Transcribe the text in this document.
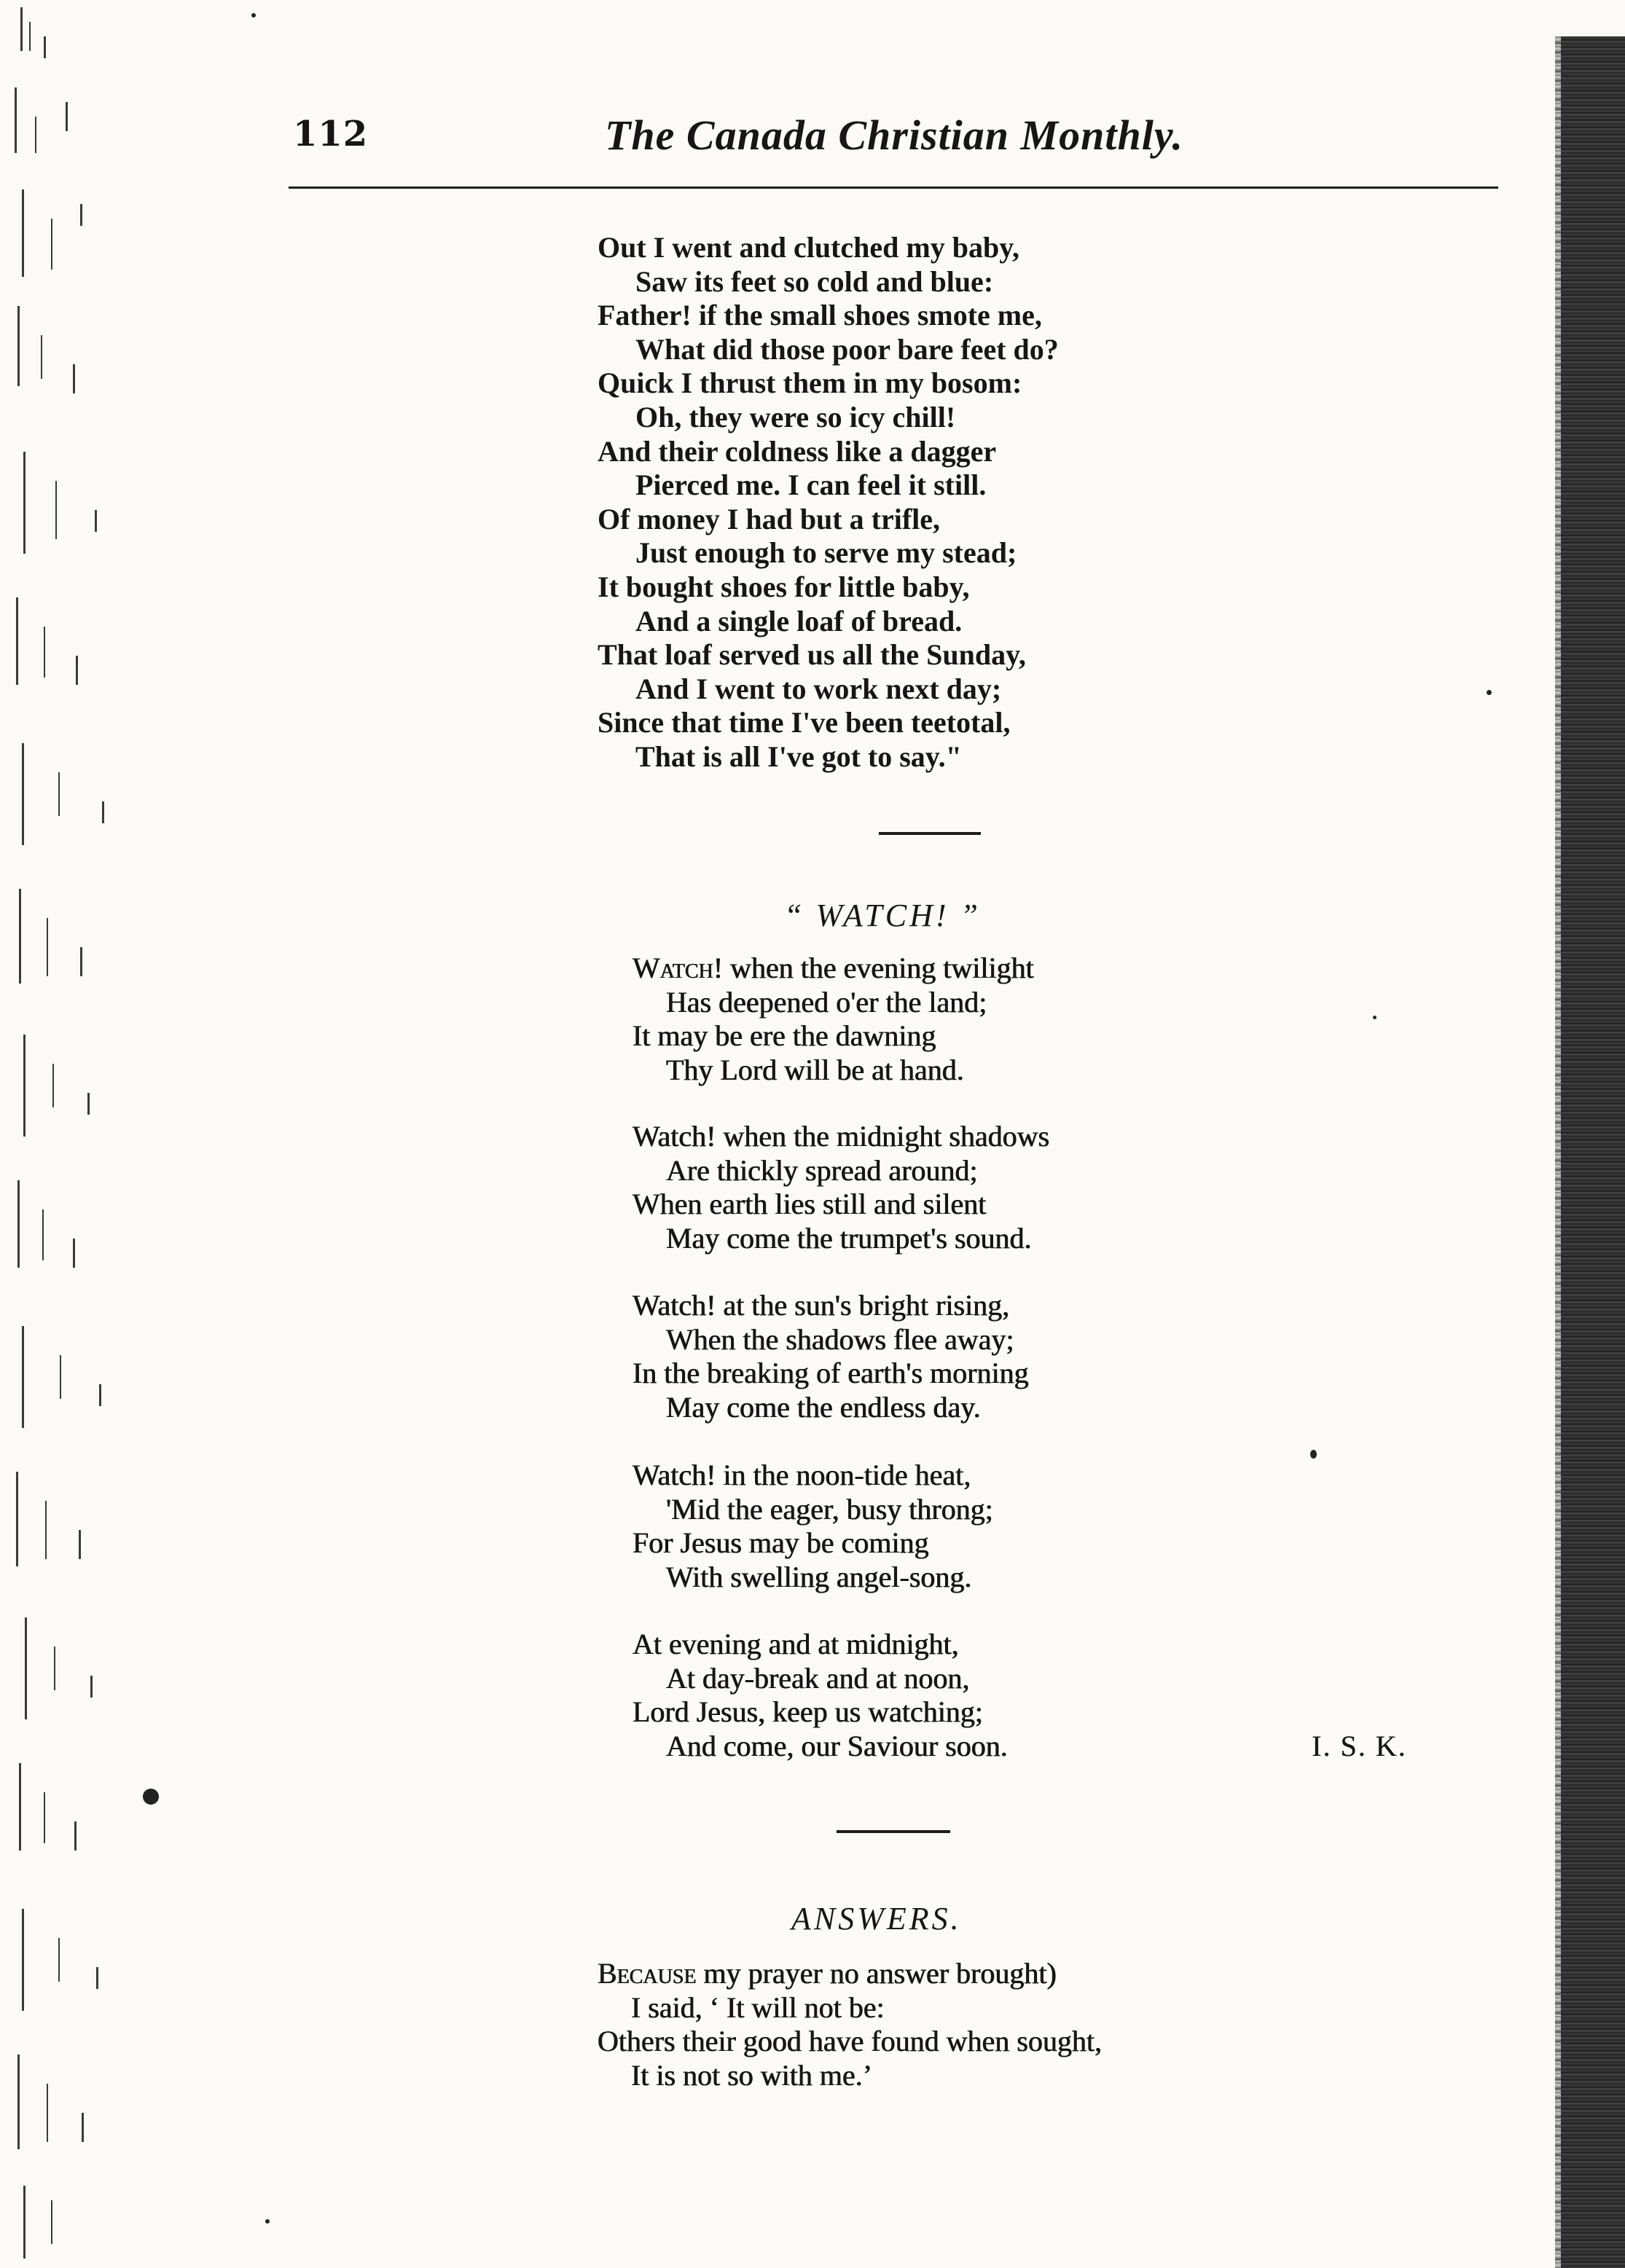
112	The Canada Christian Monthly.
Out I went and clutched my baby,
Saw its feet so cold and blue:
Father! if the small shoes smote me,
What did those poor bare feet do?
Quick I thrust them in my bosom:
Oh, they were so icy chill!
And their coldness like a dagger
Pierced me. I can feel it still.
Of money I had but a trifle,
Just enough to serve my stead;
It bought shoes for little baby,
And a single loaf of bread.
That loaf served us all the Sunday,
And I went to work next day;
Since that time I've been teetotal,
That is all I've got to say."
“ WATCH! ”
Watch! when the evening twilight
Has deepened o'er the land;
It may be ere the dawning
Thy Lord will be at hand.
Watch! when the midnight shadows
Are thickly spread around;
When earth lies still and silent
May come the trumpet's sound.
Watch! at the sun's bright rising,
When the shadows flee away;
In the breaking of earth's morning
May come the endless day.
Watch! in the noon-tide heat,
'Mid the eager, busy throng;
For Jesus may be coming
With swelling angel-song.
At evening and at midnight,
At day-break and at noon,
Lord Jesus, keep us watching;
And come, our Saviour soon.	I. S. K.
ANSWERS.
Because my prayer no answer brought)
I said, ‘ It will not be:
Others their good have found when sought,
It is not so with me.’
